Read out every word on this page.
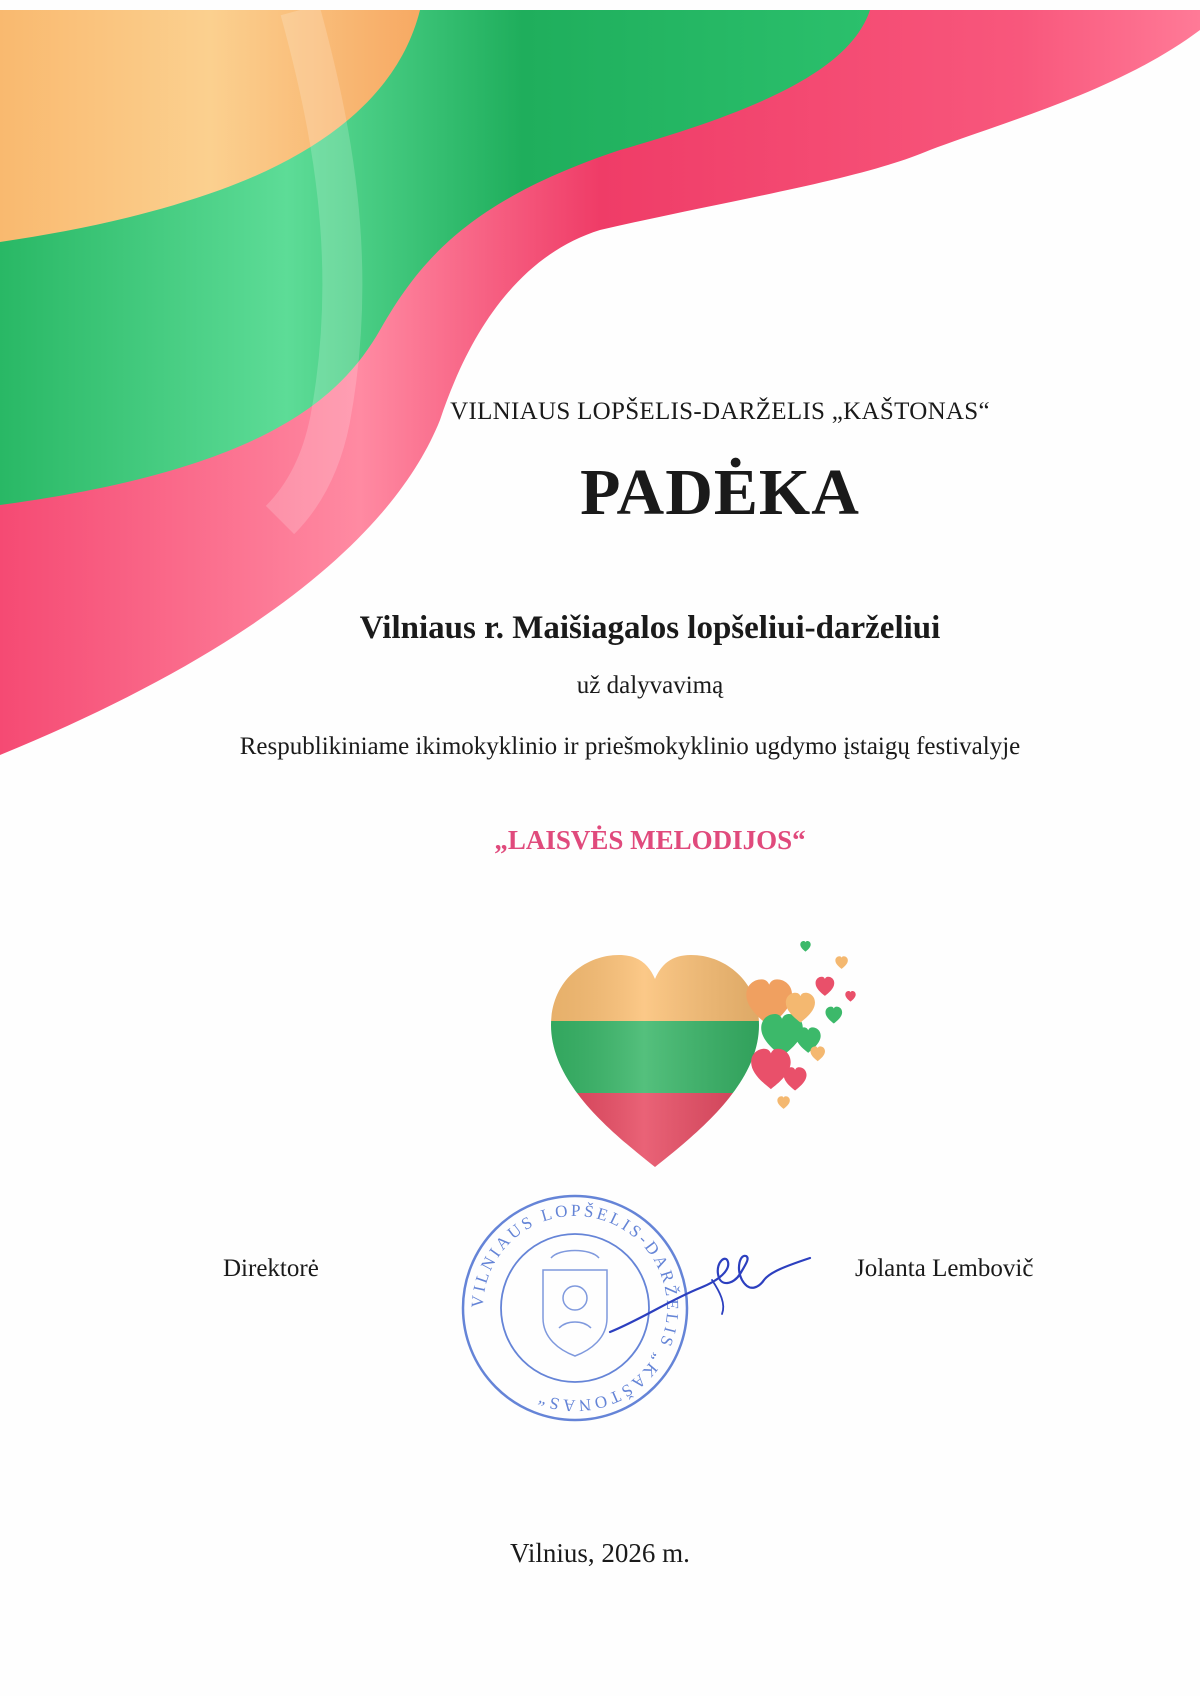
VILNIAUS LOPŠELIS-DARŽELIS „KAŠTONAS“

PADĖKA

Vilniaus r. Maišiagalos lopšeliui-darželiui

už dalyvavimą

Respublikiniame ikimokyklinio ir priešmokyklinio ugdymo įstaigų festivalyje

„LAISVĖS MELODIJOS“

Direktorė

VILNIAUS LOPŠELIS-DARŽELIS „KAŠTONAS“

Jolanta Lembovič

Vilnius, 2026 m.
